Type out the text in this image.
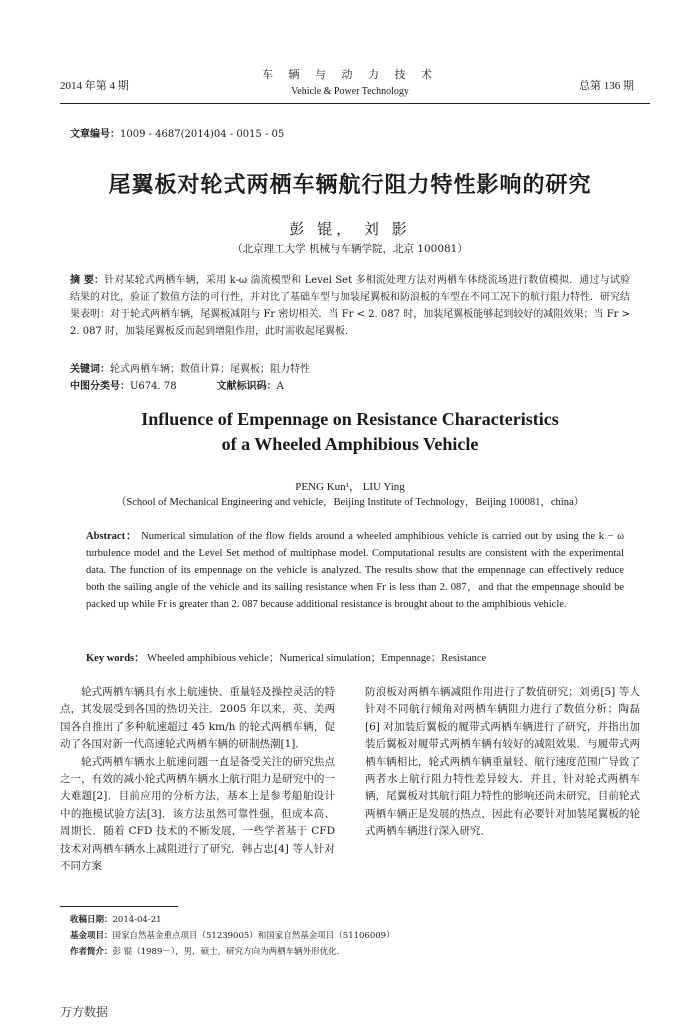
2014 年第 4 期
车 辆 与 动 力 技 术
Vehicle & Power Technology	总第 136 期
文章编号：1009 - 4687(2014)04 - 0015 - 05
尾翼板对轮式两栖车辆航行阻力特性影响的研究
彭 锟， 刘 影
（北京理工大学 机械与车辆学院，北京 100081）
摘 要：针对某轮式两栖车辆，采用 k-ω 湍流模型和 Level Set 多相流处理方法对两栖车体绕流场进行数值模拟．通过与试验结果的对比，验证了数值方法的可行性，并对比了基础车型与加装尾翼板和防浪板的车型在不同工况下的航行阻力特性．研究结果表明：对于轮式两栖车辆，尾翼板减阻与 Fr 密切相关．当 Fr < 2. 087 时，加装尾翼板能够起到较好的减阻效果；当 Fr > 2. 087 时，加装尾翼板反而起到增阻作用，此时需收起尾翼板．
关键词：轮式两栖车辆；数值计算；尾翼板；阻力特性
中图分类号：U674. 78	文献标识码：A
Influence of Empennage on Resistance Characteristics
of a Wheeled Amphibious Vehicle
PENG Kun¹， LIU Ying
（School of Mechanical Engineering and vehicle，Beijing Institute of Technology，Beijing 100081，china）
Abstract： Numerical simulation of the flow fields around a wheeled amphibious vehicle is carried out by using the k − ω turbulence model and the Level Set method of multiphase model. Computational results are consistent with the experimental data. The function of its empennage on the vehicle is analyzed. The results show that the empennage can effectively reduce both the sailing angle of the vehicle and its sailing resistance when Fr is less than 2. 087，and that the empennage should be packed up while Fr is greater than 2. 087 because additional resistance is brought about to the amphibious vehicle.
Key words： Wheeled amphibious vehicle；Numerical simulation；Empennage；Resistance

轮式两栖车辆具有水上航速快、重量轻及操控灵活的特点，其发展受到各国的热切关注．2005 年以来，英、美两国各自推出了多种航速超过 45 km/h 的轮式两栖车辆，促动了各国对新一代高速轮式两栖车辆的研制热潮[1]．

轮式两栖车辆水上航速问题一直是备受关注的研究焦点之一，有效的减小轮式两栖车辆水上航行阻力是研究中的一大难题[2]．目前应用的分析方法，基本上是参考船舶设计中的拖模试验方法[3]．该方法虽然可靠性强，但成本高、周期长．随着 CFD 技术的不断发展，一些学者基于 CFD 技术对两栖车辆水上减阻进行了研究．韩占忠[4] 等人针对不同方案

防浪板对两栖车辆减阻作用进行了数值研究；刘勇[5] 等人针对不同航行倾角对两栖车辆阻力进行了数值分析；陶磊[6] 对加装后翼板的履带式两栖车辆进行了研究，并指出加装后翼板对履带式两栖车辆有较好的减阻效果．与履带式两栖车辆相比，轮式两栖车辆重量轻、航行速度范围广导致了两者水上航行阻力特性差异较大．并且，针对轮式两栖车辆，尾翼板对其航行阻力特性的影响还尚未研究，目前轮式两栖车辆正是发展的热点，因此有必要针对加装尾翼板的轮式两栖车辆进行深入研究．

收稿日期：2014-04-21
基金项目：国家自然基金重点项目（51239005）和国家自然基金项目（51106009）
作者简介：彭 锟（1989－），男，硕士，研究方向为两栖车辆外形优化．
万方数据
